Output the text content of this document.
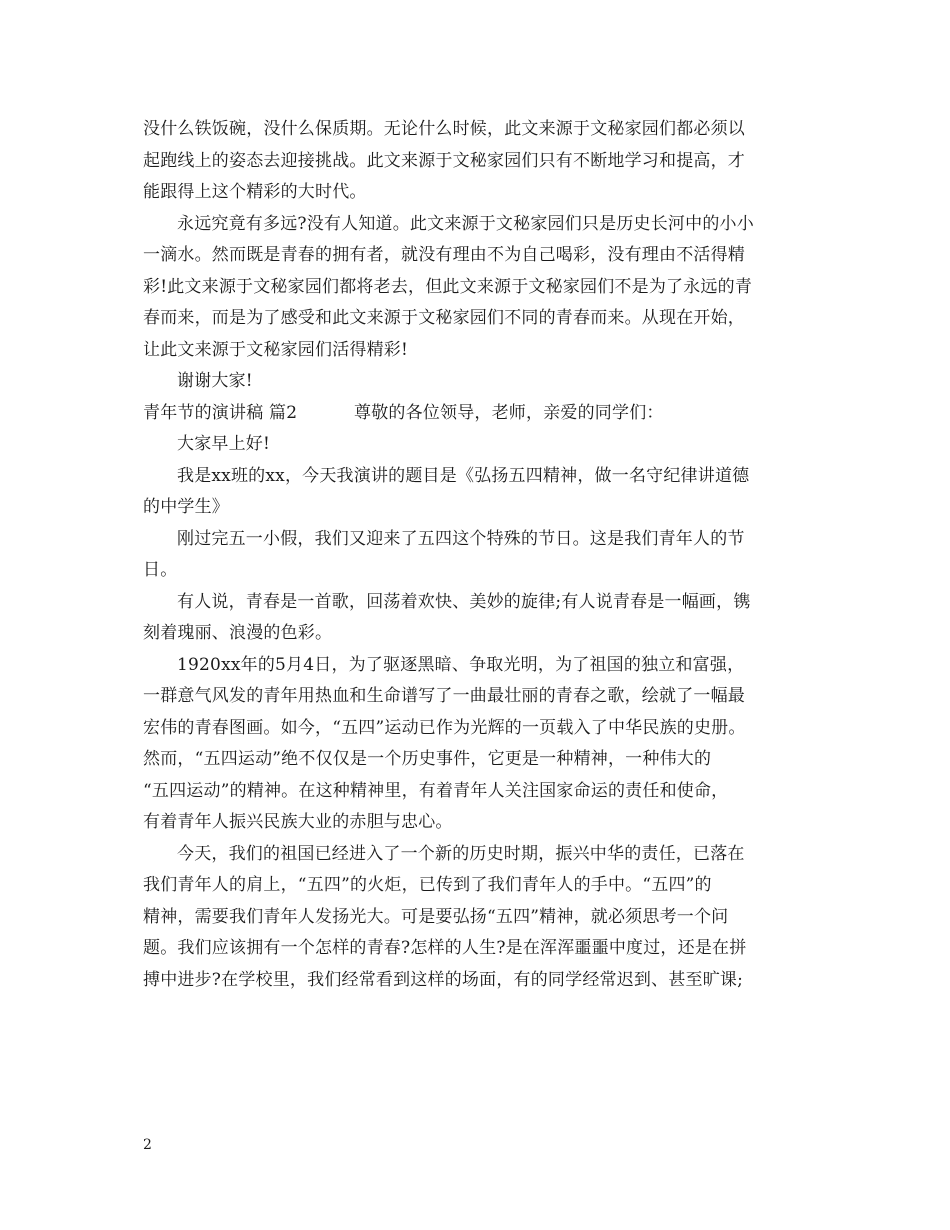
没什么铁饭碗，没什么保质期。无论什么时候，此文来源于文秘家园们都必须以
起跑线上的姿态去迎接挑战。此文来源于文秘家园们只有不断地学习和提高，才
能跟得上这个精彩的大时代。
永远究竟有多远?没有人知道。此文来源于文秘家园们只是历史长河中的小小
一滴水。然而既是青春的拥有者，就没有理由不为自己喝彩，没有理由不活得精
彩!此文来源于文秘家园们都将老去，但此文来源于文秘家园们不是为了永远的青
春而来，而是为了感受和此文来源于文秘家园们不同的青春而来。从现在开始，
让此文来源于文秘家园们活得精彩!
谢谢大家!
青年节的演讲稿 篇2	尊敬的各位领导，老师，亲爱的同学们：
大家早上好!
我是xx班的xx，今天我演讲的题目是《弘扬五四精神，做一名守纪律讲道德
的中学生》
刚过完五一小假，我们又迎来了五四这个特殊的节日。这是我们青年人的节
日。
有人说，青春是一首歌，回荡着欢快、美妙的旋律;有人说青春是一幅画，镌
刻着瑰丽、浪漫的色彩。
1920xx年的5月4日，为了驱逐黑暗、争取光明，为了祖国的独立和富强，
一群意气风发的青年用热血和生命谱写了一曲最壮丽的青春之歌，绘就了一幅最
宏伟的青春图画。如今，“五四”运动已作为光辉的一页载入了中华民族的史册。
然而，“五四运动”绝不仅仅是一个历史事件，它更是一种精神，一种伟大的
“五四运动”的精神。在这种精神里，有着青年人关注国家命运的责任和使命，
有着青年人振兴民族大业的赤胆与忠心。
今天，我们的祖国已经进入了一个新的历史时期，振兴中华的责任，已落在
我们青年人的肩上，“五四”的火炬，已传到了我们青年人的手中。“五四”的
精神，需要我们青年人发扬光大。可是要弘扬“五四”精神，就必须思考一个问
题。我们应该拥有一个怎样的青春?怎样的人生?是在浑浑噩噩中度过，还是在拼
搏中进步?在学校里，我们经常看到这样的场面，有的同学经常迟到、甚至旷课;
2
